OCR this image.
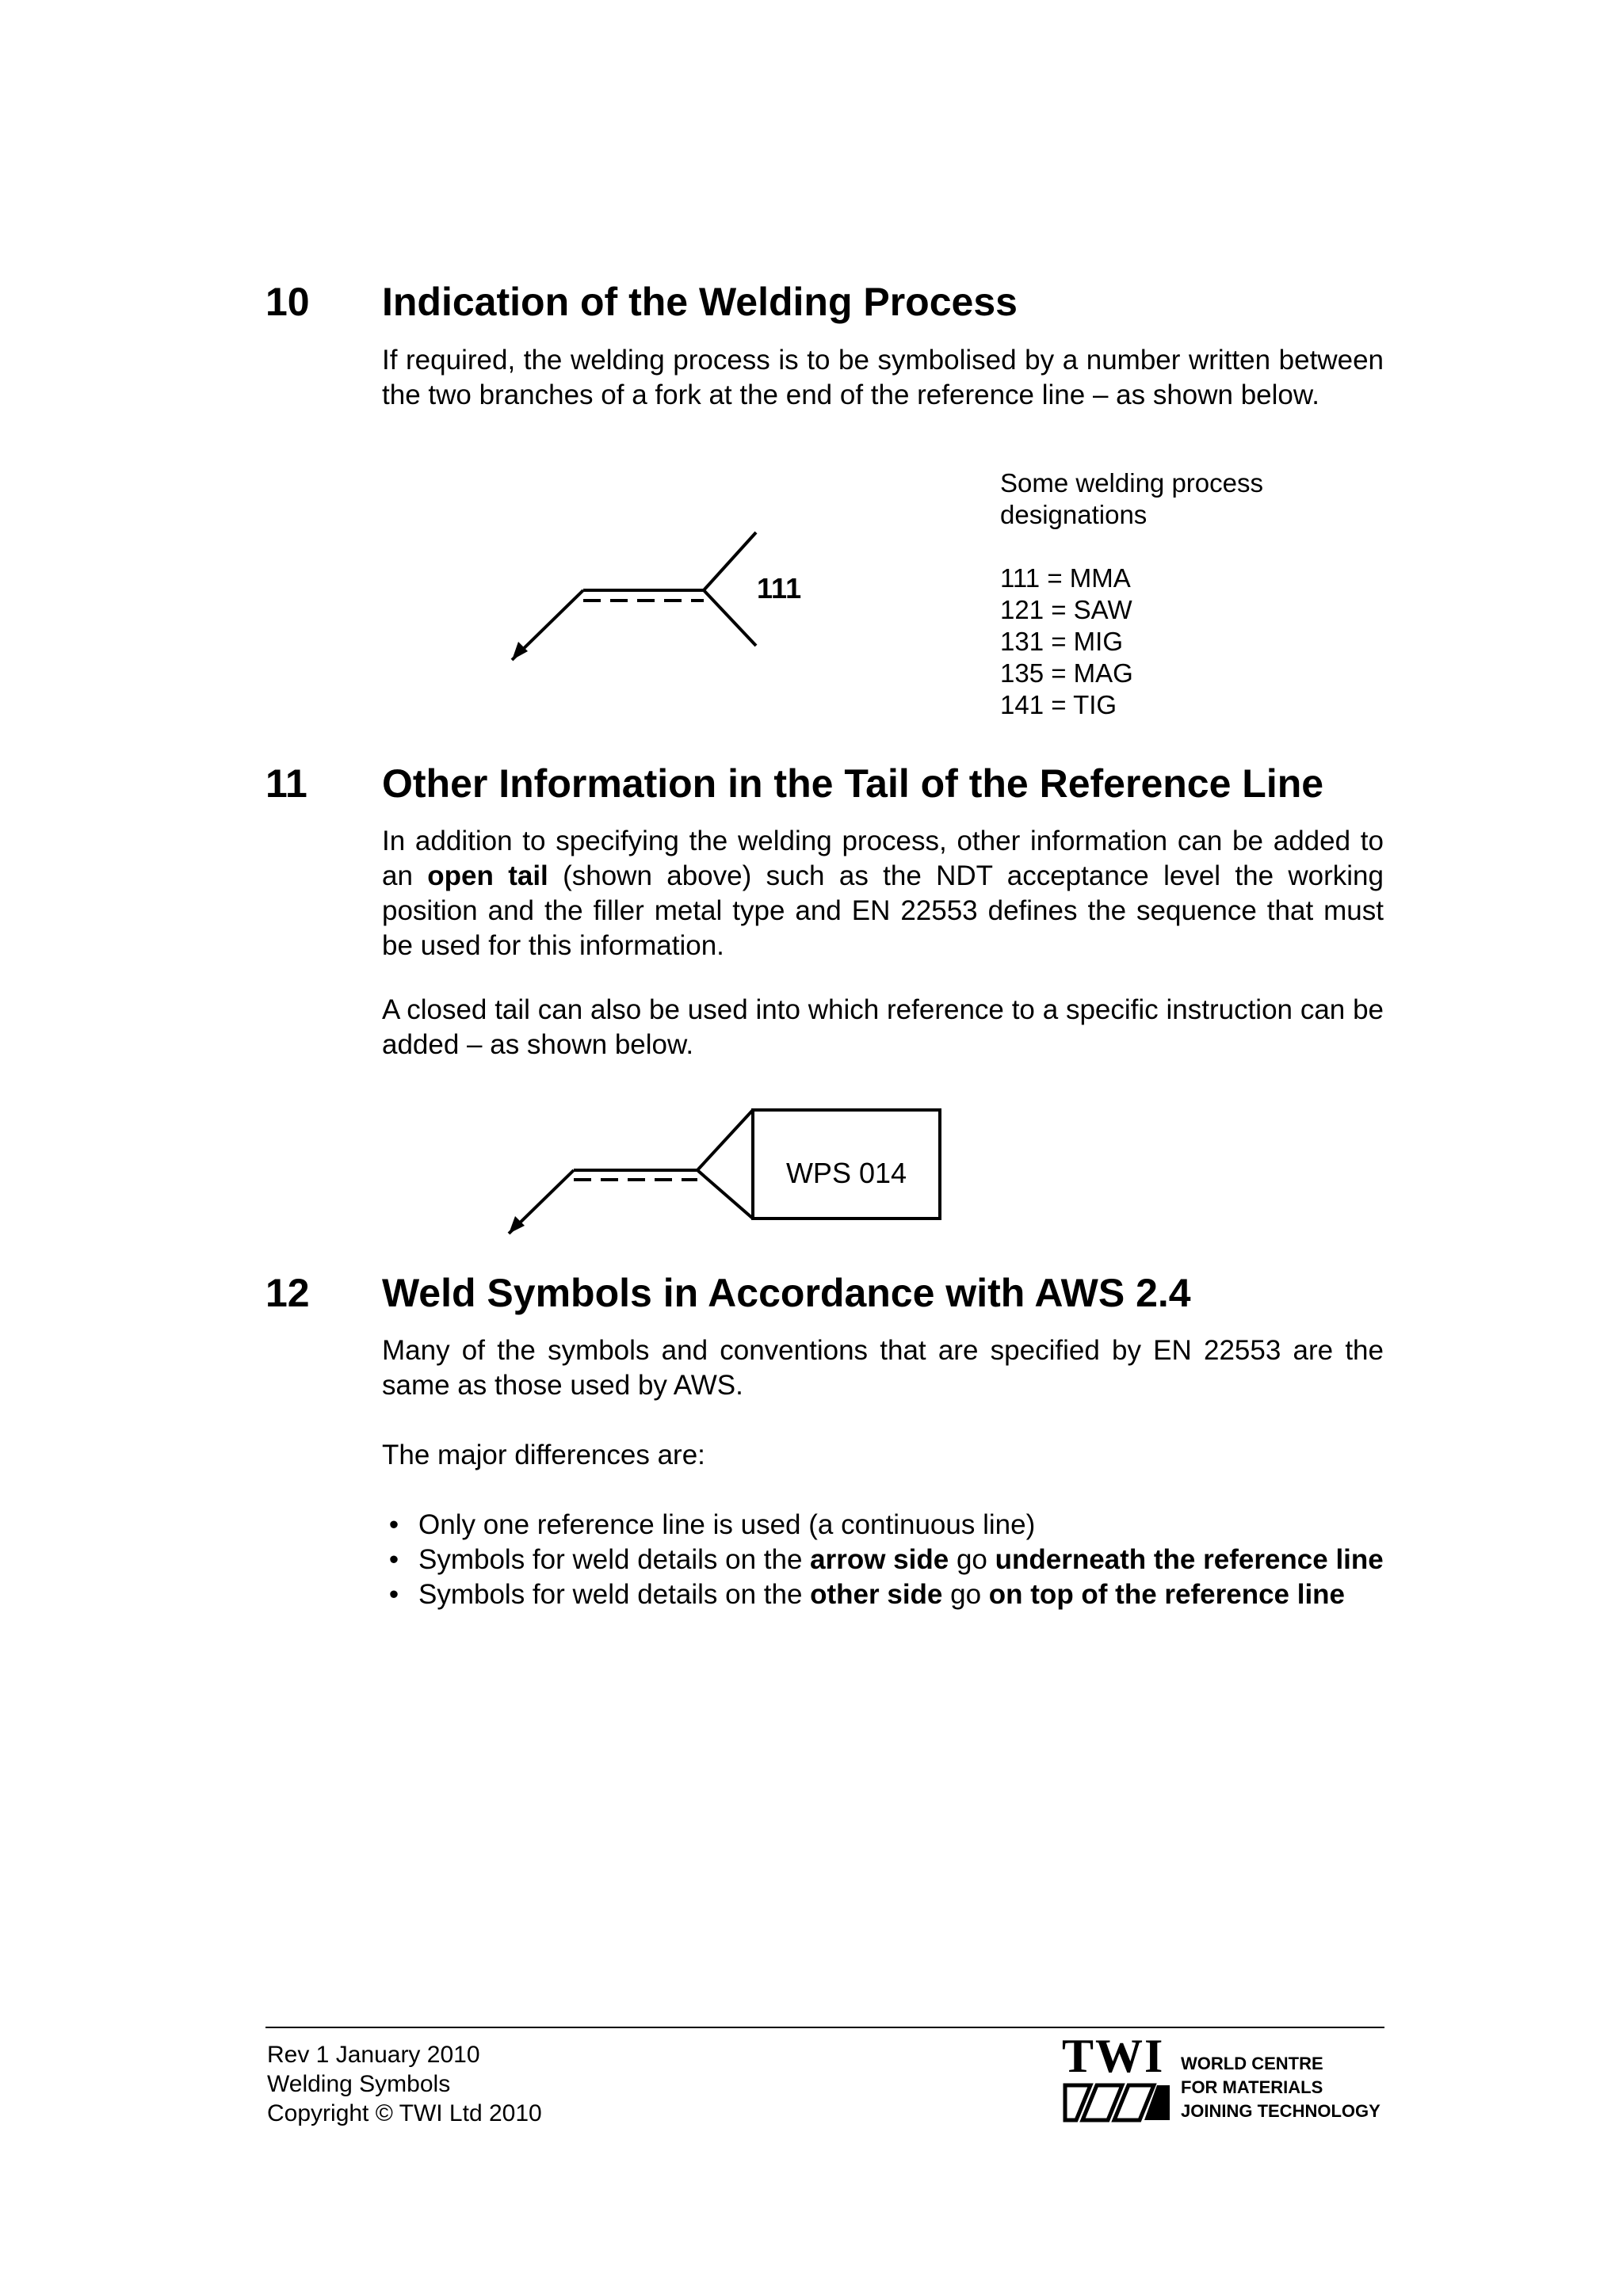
10 Indication of the Welding Process
If required, the welding process is to be symbolised by a number written between the two branches of a fork at the end of the reference line – as shown below.
Some welding process
designations
111 = MMA
121 = SAW
131 = MIG
135 = MAG
141 = TIG
111
11 Other Information in the Tail of the Reference Line
In addition to specifying the welding process, other information can be added to an open tail (shown above) such as the NDT acceptance level the working position and the filler metal type and EN 22553 defines the sequence that must be used for this information.
A closed tail can also be used into which reference to a specific instruction can be added – as shown below.
WPS 014
12 Weld Symbols in Accordance with AWS 2.4
Many of the symbols and conventions that are specified by EN 22553 are the same as those used by AWS.
The major differences are:
• Only one reference line is used (a continuous line)
• Symbols for weld details on the arrow side go underneath the reference line
• Symbols for weld details on the other side go on top of the reference line
Rev 1 January 2010
Welding Symbols
Copyright © TWI Ltd 2010
TWI WORLD CENTRE
FOR MATERIALS
JOINING TECHNOLOGY
